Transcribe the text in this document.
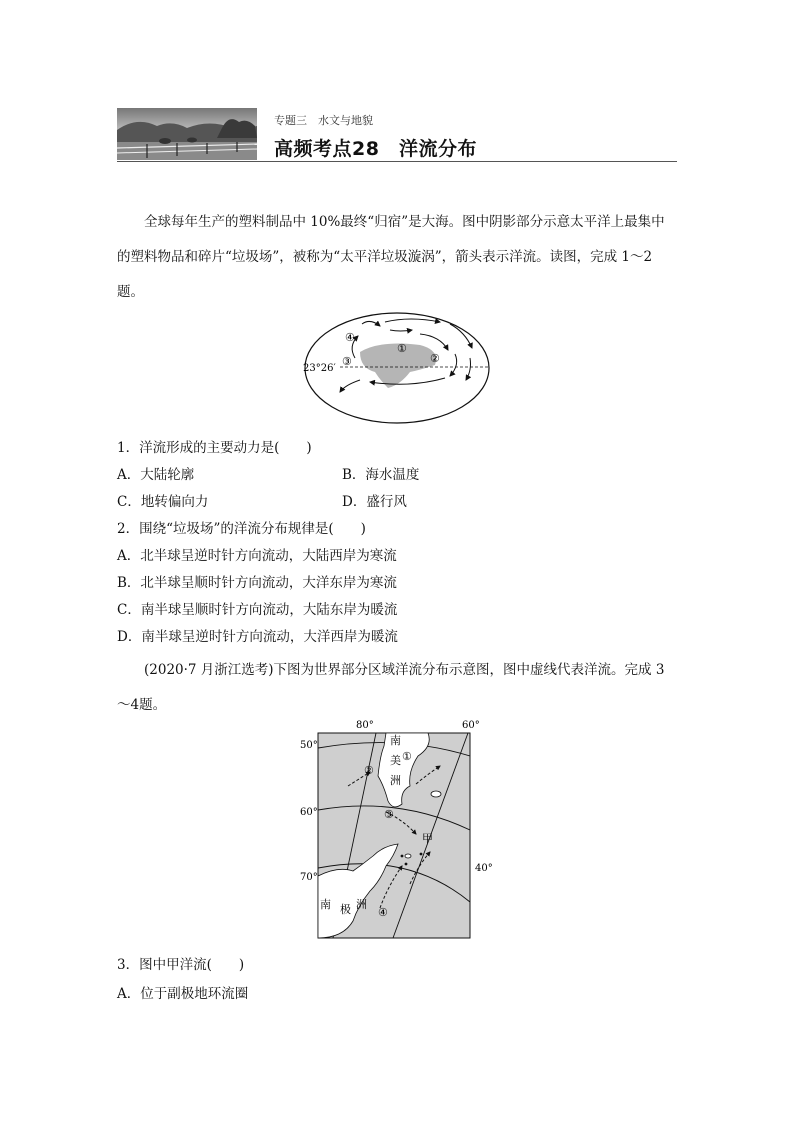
专题三　水文与地貌
高频考点28　洋流分布

全球每年生产的塑料制品中 10%最终“归宿”是大海。图中阴影部分示意太平洋上最集中的塑料物品和碎片“垃圾场”，被称为“太平洋垃圾漩涡”，箭头表示洋流。读图，完成 1～2题。

④
①
②
③
23°26′
1．洋流形成的主要动力是(　　)
A．大陆轮廓	B．海水温度
C．地转偏向力	D．盛行风
2．围绕“垃圾场”的洋流分布规律是(　　)
A．北半球呈逆时针方向流动，大陆西岸为寒流
B．北半球呈顺时针方向流动，大洋东岸为寒流
C．南半球呈顺时针方向流动，大陆东岸为暖流
D．南半球呈逆时针方向流动，大洋西岸为暖流

(2020·7 月浙江选考)下图为世界部分区域洋流分布示意图，图中虚线代表洋流。完成 3～4题。

80°	60°
50°
60°
70°
40°
南
美
洲
南 极 洲
①
②
③
④
甲
3．图中甲洋流(　　)
A．位于副极地环流圈
